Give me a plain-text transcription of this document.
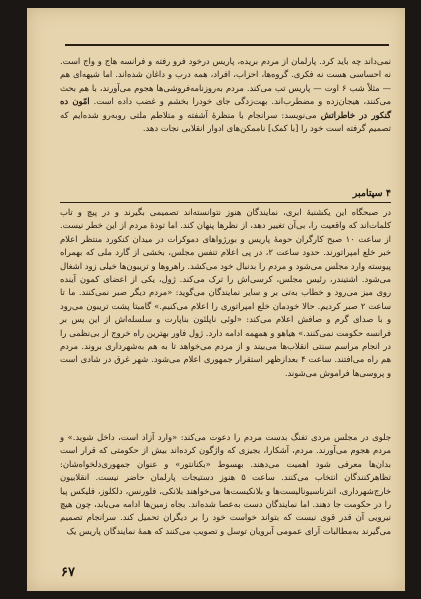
نمی‌داند چه باید کرد. پارلمان از مردم بریده، پاریس درخود فرو رفته و فرانسه هاج و واج است. نه احساسی هست نه فکری. گروه‌ها، احزاب، افراد، همه درب و داغان شده‌اند. اما شیهه‌ای هم — مثلاً شب ۶ اوت — پاریس تب می‌کند. مردم به‌روزنامه‌فروشی‌ها هجوم می‌آورند، با هم بحث می‌کنند، هیجان‌زده و مضطرب‌اند. بهت‌زدگی جای خودرا بخشم و غضب داده است. امّون ده گنکور در خاطراتش می‌نویسد: سرانجام با منظرهٔ آشفته و متلاطم ملتی روبه‌رو شده‌ایم که تصمیم گرفته است خود را [با کمک] ناممکن‌های ادوار انقلابی نجات دهد.
۴ سپتامبر
در صبحگاه این یکشنبهٔ ابری، نمایندگان هنوز نتوانسته‌اند تصمیمی بگیرند و در پیچ و تاب کلمات‌اند که واقعیت را، بی‌آن تغییر دهد، از نظرها پنهان کند. اما تودهٔ مردم از این خطر نیست. از ساعت ۱۰ صبح کارگران حومهٔ پاریس و بورژواهای دموکرات در میدان کنکورد منتظر اعلام خبر خلع امپراتورند. حدود ساعت ۲، در پی اعلام تنفس مجلس، بخشی از گارد ملی که بهمراه پیوسته وارد مجلس می‌شود و مردم را بدنبال خود می‌کشد. راهروها و تریبون‌ها خیلی زود اشغال می‌شود. اشتیندر، رئیس مجلس، کرسی‌اش را ترک می‌کند. ژول، یکی از اعضای کمون آینده روی میز می‌رود و خطاب به‌تی بر و سایر نمایندگان می‌گوید: «مردم دیگر صبر نمی‌کنند. ما تا ساعت ۲ صبر کردیم. حالا خودمان خلع امپراتوری را اعلام می‌کنیم.» گامبتا پشت تریبون می‌رود و با صدای گرم و صافش اعلام می‌کند: «لوئی ناپلئون بناپارت و سلسله‌اش از این پس بر فرانسه حکومت نمی‌کنند.» هیاهو و همهمه ادامه دارد. ژول فاور بهترین راه خروج از بی‌نظمی را در انجام مراسم سنتی انقلاب‌ها می‌بیند و از مردم می‌خواهد تا به هم به‌شهرداری بروند. مردم هم راه می‌افتند. ساعت ۴ بعدازظهر استقرار جمهوری اعلام می‌شود. شهر غرق در شادی است و پروسی‌ها فراموش می‌شوند.
جلوی در مجلس مردی تفنگ بدست مردم را دعوت می‌کند: «وارد آزاد است، داخل شوید.» و مردم هجوم می‌آورند. مردم، آشکارا، بجیزی که واژگون کرده‌اند بیش از حکومتی که قرار است بدان‌ها معرفی شود اهمیت می‌دهند. بهسوط «بکنانتور» و عنوان جمهوری‌دلخواه‌شان: تظاهرکنندگان انتخاب می‌کنند. ساعت ۵ هنوز دستیجات پارلمان حاضر نیست. انقلابیون خارج‌شهرداری، انترناسیونالیست‌ها و بلانکیست‌ها می‌خواهند بلانکی، فلورنس، دلکلوز، فلیکس پیا را در حکومت جا دهند. اما نمایندگان دست به‌عصا شده‌اند. بجاه زمین‌ها ادامه می‌یابد، چون هیچ نیرویی آن قدر قوی نیست که بتواند خواست خود را بر دیگران تحمیل کند. سرانجام تصمیم می‌گیرند به‌مطالبات آرای عمومی آبرویان توسل و تصویب می‌کنند که همهٔ نمایندگان پاریس یک
۶۷
